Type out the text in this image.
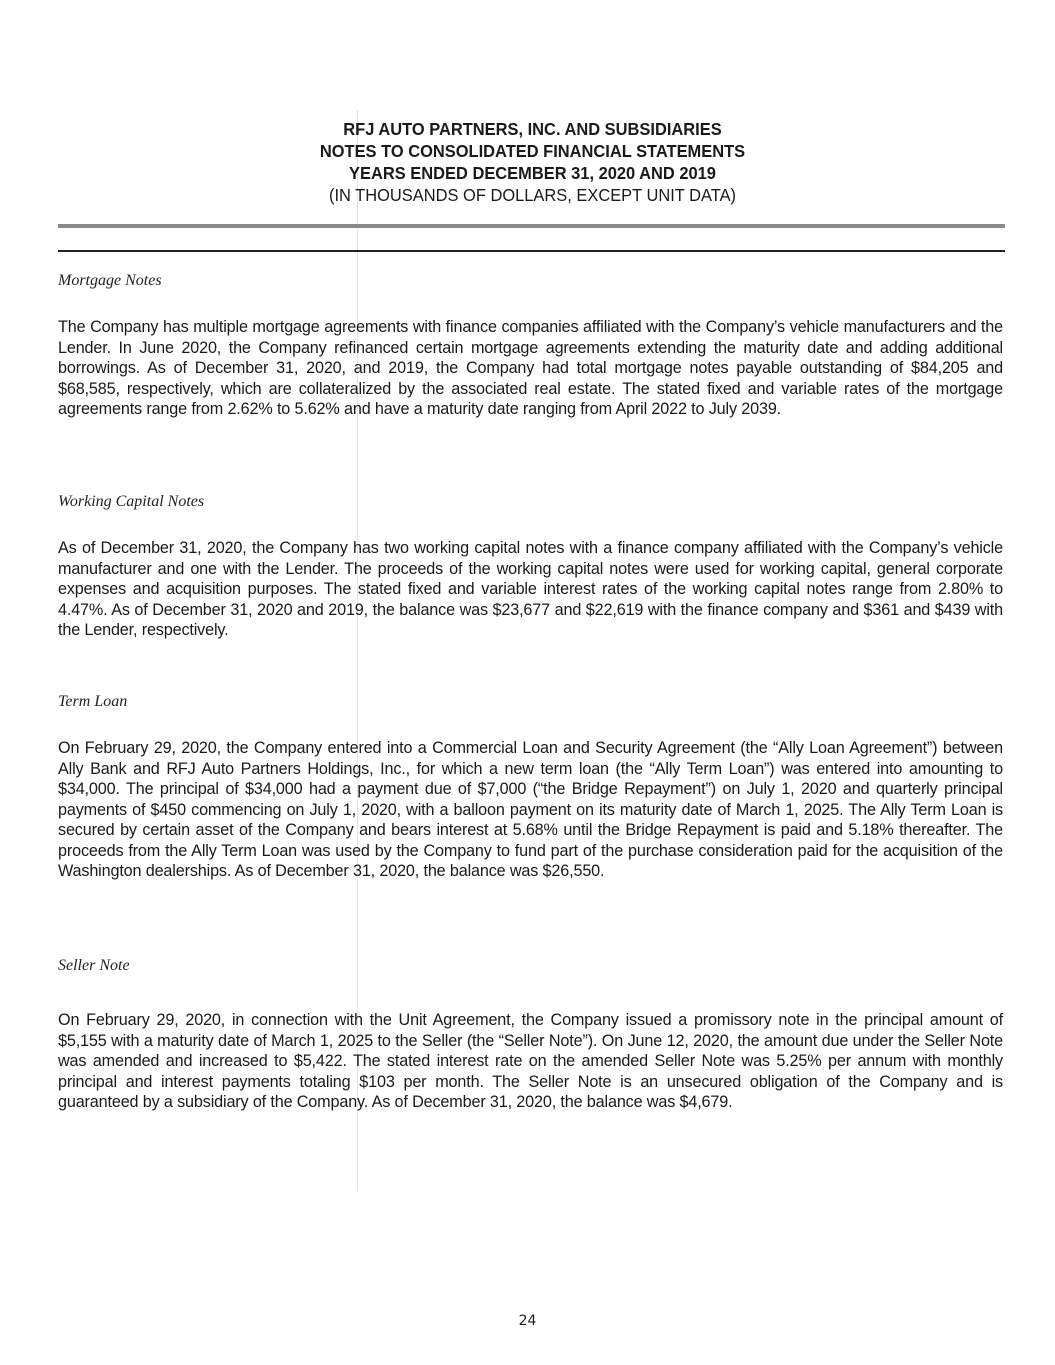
RFJ AUTO PARTNERS, INC. AND SUBSIDIARIES
NOTES TO CONSOLIDATED FINANCIAL STATEMENTS
YEARS ENDED DECEMBER 31, 2020 AND 2019
(IN THOUSANDS OF DOLLARS, EXCEPT UNIT DATA)
Mortgage Notes

The Company has multiple mortgage agreements with finance companies affiliated with the Company’s vehicle manufacturers and the Lender. In June 2020, the Company refinanced certain mortgage agreements extending the maturity date and adding additional borrowings. As of December 31, 2020, and 2019, the Company had total mortgage notes payable outstanding of $84,205 and $68,585, respectively, which are collateralized by the associated real estate. The stated fixed and variable rates of the mortgage agreements range from 2.62% to 5.62% and have a maturity date ranging from April 2022 to July 2039.

Working Capital Notes

As of December 31, 2020, the Company has two working capital notes with a finance company affiliated with the Company’s vehicle manufacturer and one with the Lender. The proceeds of the working capital notes were used for working capital, general corporate expenses and acquisition purposes. The stated fixed and variable interest rates of the working capital notes range from 2.80% to 4.47%. As of December 31, 2020 and 2019, the balance was $23,677 and $22,619 with the finance company and $361 and $439 with the Lender, respectively.

Term Loan

On February 29, 2020, the Company entered into a Commercial Loan and Security Agreement (the “Ally Loan Agreement”) between Ally Bank and RFJ Auto Partners Holdings, Inc., for which a new term loan (the “Ally Term Loan”) was entered into amounting to $34,000. The principal of $34,000 had a payment due of $7,000 (“the Bridge Repayment”) on July 1, 2020 and quarterly principal payments of $450 commencing on July 1, 2020, with a balloon payment on its maturity date of March 1, 2025. The Ally Term Loan is secured by certain asset of the Company and bears interest at 5.68% until the Bridge Repayment is paid and 5.18% thereafter. The proceeds from the Ally Term Loan was used by the Company to fund part of the purchase consideration paid for the acquisition of the Washington dealerships. As of December 31, 2020, the balance was $26,550.

Seller Note

On February 29, 2020, in connection with the Unit Agreement, the Company issued a promissory note in the principal amount of $5,155 with a maturity date of March 1, 2025 to the Seller (the “Seller Note”). On June 12, 2020, the amount due under the Seller Note was amended and increased to $5,422. The stated interest rate on the amended Seller Note was 5.25% per annum with monthly principal and interest payments totaling $103 per month. The Seller Note is an unsecured obligation of the Company and is guaranteed by a subsidiary of the Company. As of December 31, 2020, the balance was $4,679.

24
